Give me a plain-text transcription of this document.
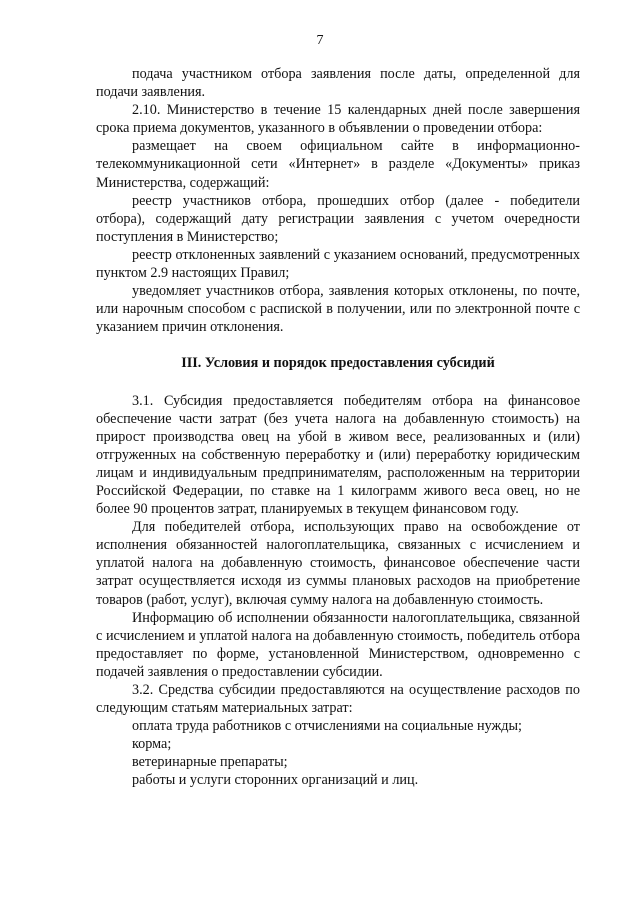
7

подача участником отбора заявления после даты, определенной для подачи заявления.

2.10. Министерство в течение 15 календарных дней после завершения срока приема документов, указанного в объявлении о проведении отбора:

размещает на своем официальном сайте в информационно-телекоммуникационной сети «Интернет» в разделе «Документы» приказ Министерства, содержащий:

реестр участников отбора, прошедших отбор (далее - победители отбора), содержащий дату регистрации заявления с учетом очередности поступления в Министерство;

реестр отклоненных заявлений с указанием оснований, предусмотренных пунктом 2.9 настоящих Правил;

уведомляет участников отбора, заявления которых отклонены, по почте, или нарочным способом с распиской в получении, или по электронной почте с указанием причин отклонения.

III. Условия и порядок предоставления субсидий

3.1. Субсидия предоставляется победителям отбора на финансовое обеспечение части затрат (без учета налога на добавленную стоимость) на прирост производства овец на убой в живом весе, реализованных и (или) отгруженных на собственную переработку и (или) переработку юридическим лицам и индивидуальным предпринимателям, расположенным на территории Российской Федерации, по ставке на 1 килограмм живого веса овец, но не более 90 процентов затрат, планируемых в текущем финансовом году.

Для победителей отбора, использующих право на освобождение от исполнения обязанностей налогоплательщика, связанных с исчислением и уплатой налога на добавленную стоимость, финансовое обеспечение части затрат осуществляется исходя из суммы плановых расходов на приобретение товаров (работ, услуг), включая сумму налога на добавленную стоимость.

Информацию об исполнении обязанности налогоплательщика, связанной с исчислением и уплатой налога на добавленную стоимость, победитель отбора предоставляет по форме, установленной Министерством, одновременно с подачей заявления о предоставлении субсидии.

3.2. Средства субсидии предоставляются на осуществление расходов по следующим статьям материальных затрат:

оплата труда работников с отчислениями на социальные нужды;

корма;

ветеринарные препараты;

работы и услуги сторонних организаций и лиц.
